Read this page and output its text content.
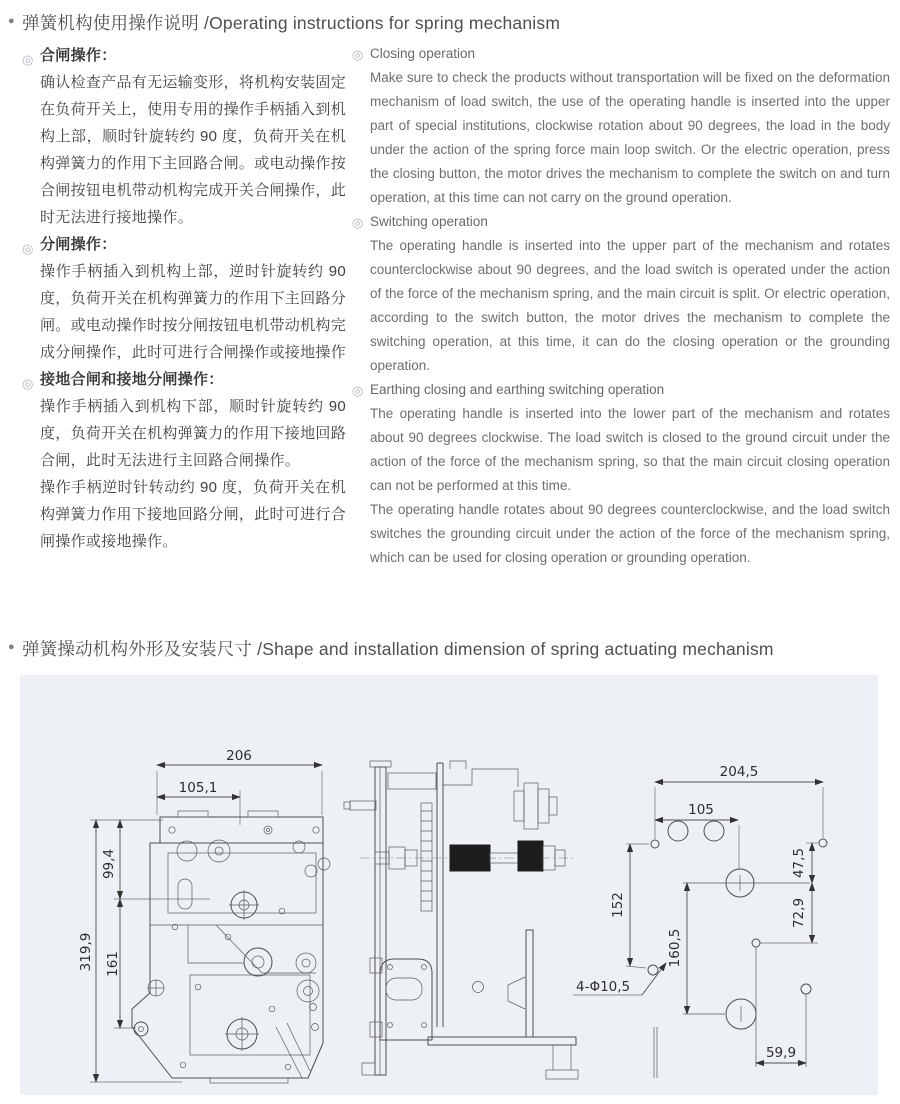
● 弹簧机构使用操作说明 /Operating instructions for spring mechanism
◎ 合闸操作：

确认检查产品有无运输变形，将机构安装固定在负荷开关上，使用专用的操作手柄插入到机构上部，顺时针旋转约 90 度，负荷开关在机构弹簧力的作用下主回路合闸。或电动操作按合闸按钮电机带动机构完成开关合闸操作，此时无法进行接地操作。

◎ 分闸操作：

操作手柄插入到机构上部，逆时针旋转约 90 度，负荷开关在机构弹簧力的作用下主回路分闸。或电动操作时按分闸按钮电机带动机构完成分闸操作，此时可进行合闸操作或接地操作

◎ 接地合闸和接地分闸操作：

操作手柄插入到机构下部，顺时针旋转约 90 度，负荷开关在机构弹簧力的作用下接地回路合闸，此时无法进行主回路合闸操作。

操作手柄逆时针转动约 90 度，负荷开关在机构弹簧力作用下接地回路分闸，此时可进行合闸操作或接地操作。

◎ Closing operation

Make sure to check the products without transportation will be fixed on the deformation mechanism of load switch, the use of the operating handle is inserted into the upper part of special institutions, clockwise rotation about 90 degrees, the load in the body under the action of the spring force main loop switch. Or the electric operation, press the closing button, the motor drives the mechanism to complete the switch on and turn operation, at this time can not carry on the ground operation.

◎ Switching operation

The operating handle is inserted into the upper part of the mechanism and rotates counterclockwise about 90 degrees, and the load switch is operated under the action of the force of the mechanism spring, and the main circuit is split. Or electric operation, according to the switch button, the motor drives the mechanism to complete the switching operation, at this time, it can do the closing operation or the grounding operation.

◎ Earthing closing and earthing switching operation

The operating handle is inserted into the lower part of the mechanism and rotates about 90 degrees clockwise. The load switch is closed to the ground circuit under the action of the force of the mechanism spring, so that the main circuit closing operation can not be performed at this time.

The operating handle rotates about 90 degrees counterclockwise, and the load switch switches the grounding circuit under the action of the force of the mechanism spring, which can be used for closing operation or grounding operation.

● 弹簧操动机构外形及安装尺寸 /Shape and installation dimension of spring actuating mechanism
206
105,1
99,4
161
319,9
204,5
105
152
4-Φ10,5
160,5
47,5
72,9
59,9
